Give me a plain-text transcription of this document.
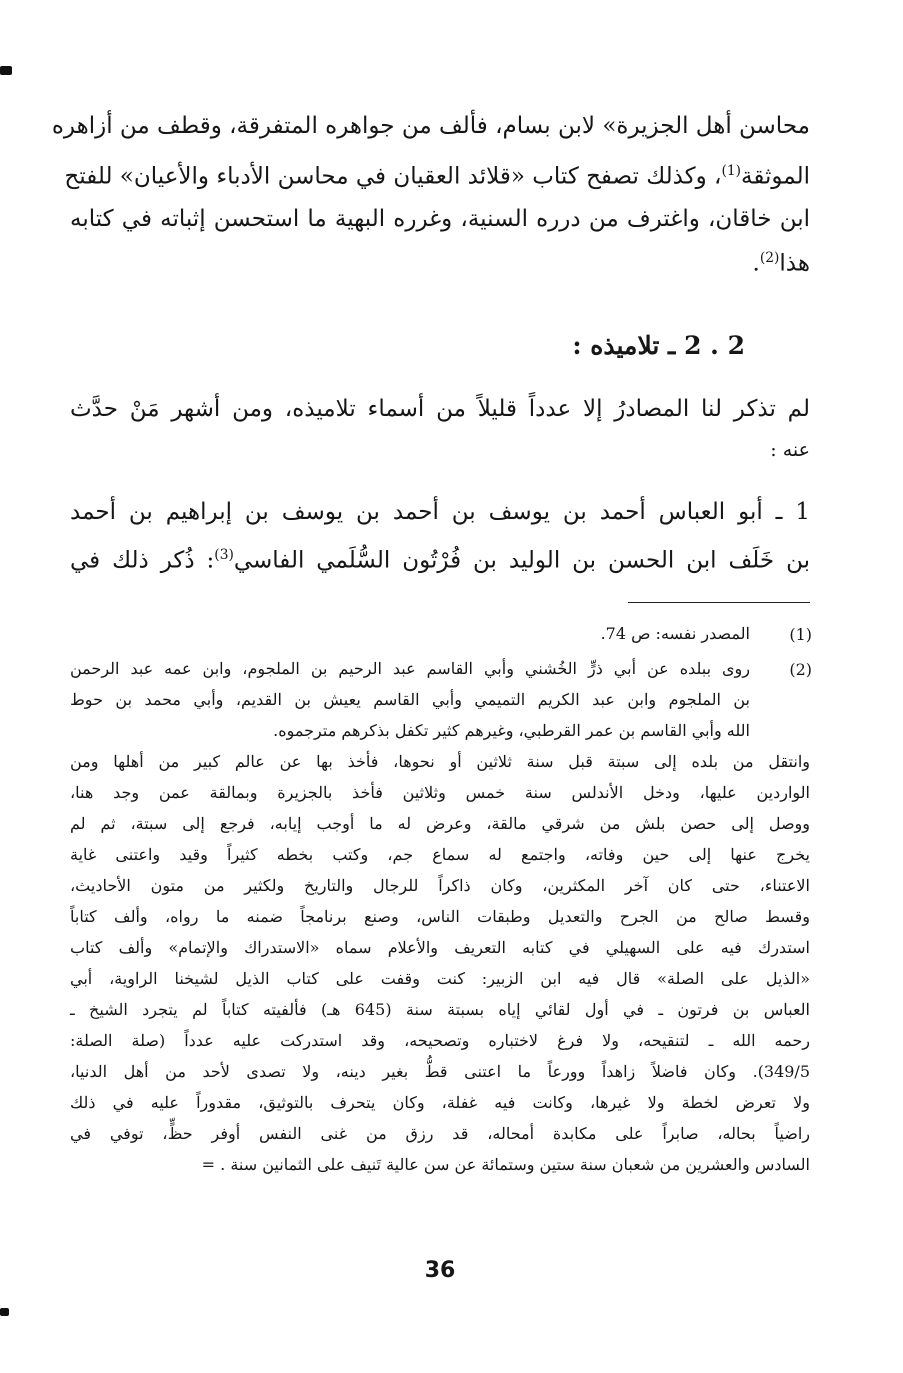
محاسن أهل الجزيرة» لابن بسام، فألف من جواهره المتفرقة، وقطف من أزاهره
الموثقة$^{(1)}$، وكذلك تصفح كتاب «قلائد العقيان في محاسن الأدباء والأعيان» للفتح
ابن خاقان، واغترف من درره السنية، وغرره البهية ما استحسن إثباته في كتابه
هذا$^{(2)}$.
2 . 2 ـ تلاميذه :
لم تذكر لنا المصادرُ إلا عدداً قليلاً من أسماء تلاميذه، ومن أشهر مَنْ حدَّث
عنه :
1 ـ أبو العباس أحمد بن يوسف بن أحمد بن يوسف بن إبراهيم بن أحمد
بن خَلَف ابن الحسن بن الوليد بن فُرْتُون السُّلَمي الفاسي$^{(3)}$: ذُكر ذلك في
(1)
المصدر نفسه: ص 74.
(2)
روى ببلده عن أبي ذرٍّ الخُشني وأبي القاسم عبد الرحيم بن الملجوم، وابن عمه عبد الرحمن
بن الملجوم وابن عبد الكريم التميمي وأبي القاسم يعيش بن القديم، وأبي محمد بن حوط
الله وأبي القاسم بن عمر القرطبي، وغيرهم كثير تكفل بذكرهم مترجموه.
وانتقل من بلده إلى سبتة قبل سنة ثلاثين أو نحوها، فأخذ بها عن عالم كبير من أهلها ومن
الواردين عليها، ودخل الأندلس سنة خمس وثلاثين فأخذ بالجزيرة وبمالقة عمن وجد هنا،
ووصل إلى حصن بلش من شرقي مالقة، وعرض له ما أوجب إيابه، فرجع إلى سبتة، ثم لم
يخرج عنها إلى حين وفاته، واجتمع له سماع جم، وكتب بخطه كثيراً وقيد واعتنى غاية
الاعتناء، حتى كان آخر المكثرين، وكان ذاكراً للرجال والتاريخ ولكثير من متون الأحاديث،
وقسط صالح من الجرح والتعديل وطبقات الناس، وصنع برنامجاً ضمنه ما رواه، وألف كتاباً
استدرك فيه على السهيلي في كتابه التعريف والأعلام سماه «الاستدراك والإتمام» وألف كتاب
«الذيل على الصلة» قال فيه ابن الزبير: كنت وقفت على كتاب الذيل لشيخنا الراوية، أبي
العباس بن فرتون ـ في أول لقائي إياه بسبتة سنة (645 هـ) فألفيته كتاباً لم يتجرد الشيخ ـ
رحمه الله ـ لتنقيحه، ولا فرغ لاختباره وتصحيحه، وقد استدركت عليه عدداً (صلة الصلة:
349/5). وكان فاضلاً زاهداً وورعاً ما اعتنى قطُّ بغير دينه، ولا تصدى لأحد من أهل الدنيا،
ولا تعرض لخطة ولا غيرها، وكانت فيه غفلة، وكان يتحرف بالتوثيق، مقدوراً عليه في ذلك
راضياً بحاله، صابراً على مكابدة أمحاله، قد رزق من غنى النفس أوفر حظٍّ، توفي في
السادس والعشرين من شعبان سنة ستين وستمائة عن سن عالية تَنيف على الثمانين سنة . =
36
